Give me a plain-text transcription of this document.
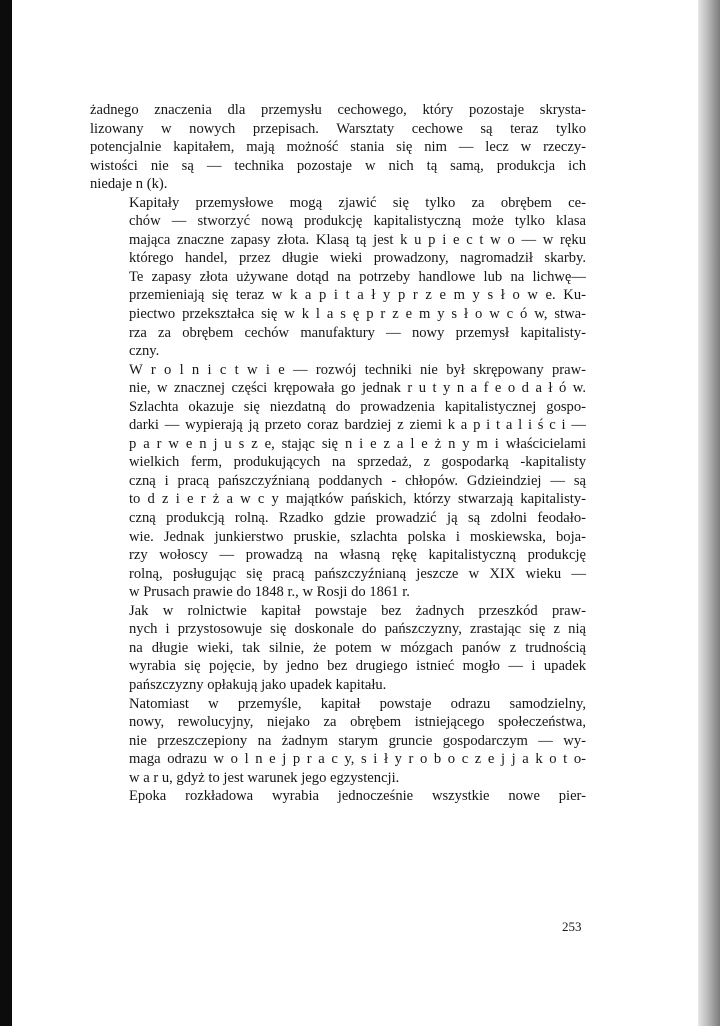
żadnego znaczenia dla przemysłu cechowego, który pozostaje skrysta-
lizowany w nowych przepisach. Warsztaty cechowe są teraz tylko
potencjalnie kapitałem, mają możność stania się nim — lecz w rzeczy-
wistości nie są — technika pozostaje w nich tą samą, produkcja ich
niedaje n (k).
Kapitały przemysłowe mogą zjawić się tylko za obrębem ce-
chów — stworzyć nową produkcję kapitalistyczną może tylko klasa
mająca znaczne zapasy złota. Klasą tą jest k u p i e c t w o — w ręku
którego handel, przez długie wieki prowadzony, nagromadził skarby.
Te zapasy złota używane dotąd na potrzeby handlowe lub na lichwę—
przemieniają się teraz w k a p i t a ł y p r z e m y s ł o w e. Ku-
piectwo przekształca się w k l a s ę p r z e m y s ł o w c ó w, stwa-
rza za obrębem cechów manufaktury — nowy przemysł kapitalisty-
czny.
W r o l n i c t w i e — rozwój techniki nie był skrępowany praw-
nie, w znacznej części krępowała go jednak r u t y n a f e o d a ł ó w.
Szlachta okazuje się niezdatną do prowadzenia kapitalistycznej gospo-
darki — wypierają ją przeto coraz bardziej z ziemi k a p i t a l i ś c i —
p a r w e n j u s z e, stając się n i e z a l e ż n y m i właścicielami
wielkich ferm, produkujących na sprzedaż, z gospodarką -kapitalisty
czną i pracą pańszczyźnianą poddanych - chłopów. Gdzieindziej — są
to d z i e r ż a w c y majątków pańskich, którzy stwarzają kapitalisty-
czną produkcją rolną. Rzadko gdzie prowadzić ją są zdolni feodało-
wie. Jednak junkierstwo pruskie, szlachta polska i moskiewska, boja-
rzy wołoscy — prowadzą na własną rękę kapitalistyczną produkcję
rolną, posługując się pracą pańszczyźnianą jeszcze w XIX wieku —
w Prusach prawie do 1848 r., w Rosji do 1861 r.
Jak w rolnictwie kapitał powstaje bez żadnych przeszkód praw-
nych i przystosowuje się doskonale do pańszczyzny, zrastając się z nią
na długie wieki, tak silnie, że potem w mózgach panów z trudnością
wyrabia się pojęcie, by jedno bez drugiego istnieć mogło — i upadek
pańszczyzny opłakują jako upadek kapitału.
Natomiast w przemyśle, kapitał powstaje odrazu samodzielny,
nowy, rewolucyjny, niejako za obrębem istniejącego społeczeństwa,
nie przeszczepiony na żadnym starym gruncie gospodarczym — wy-
maga odrazu w o l n e j p r a c y, s i ł y r o b o c z e j j a k o t o-
w a r u, gdyż to jest warunek jego egzystencji.
Epoka rozkładowa wyrabia jednocześnie wszystkie nowe pier-
253
